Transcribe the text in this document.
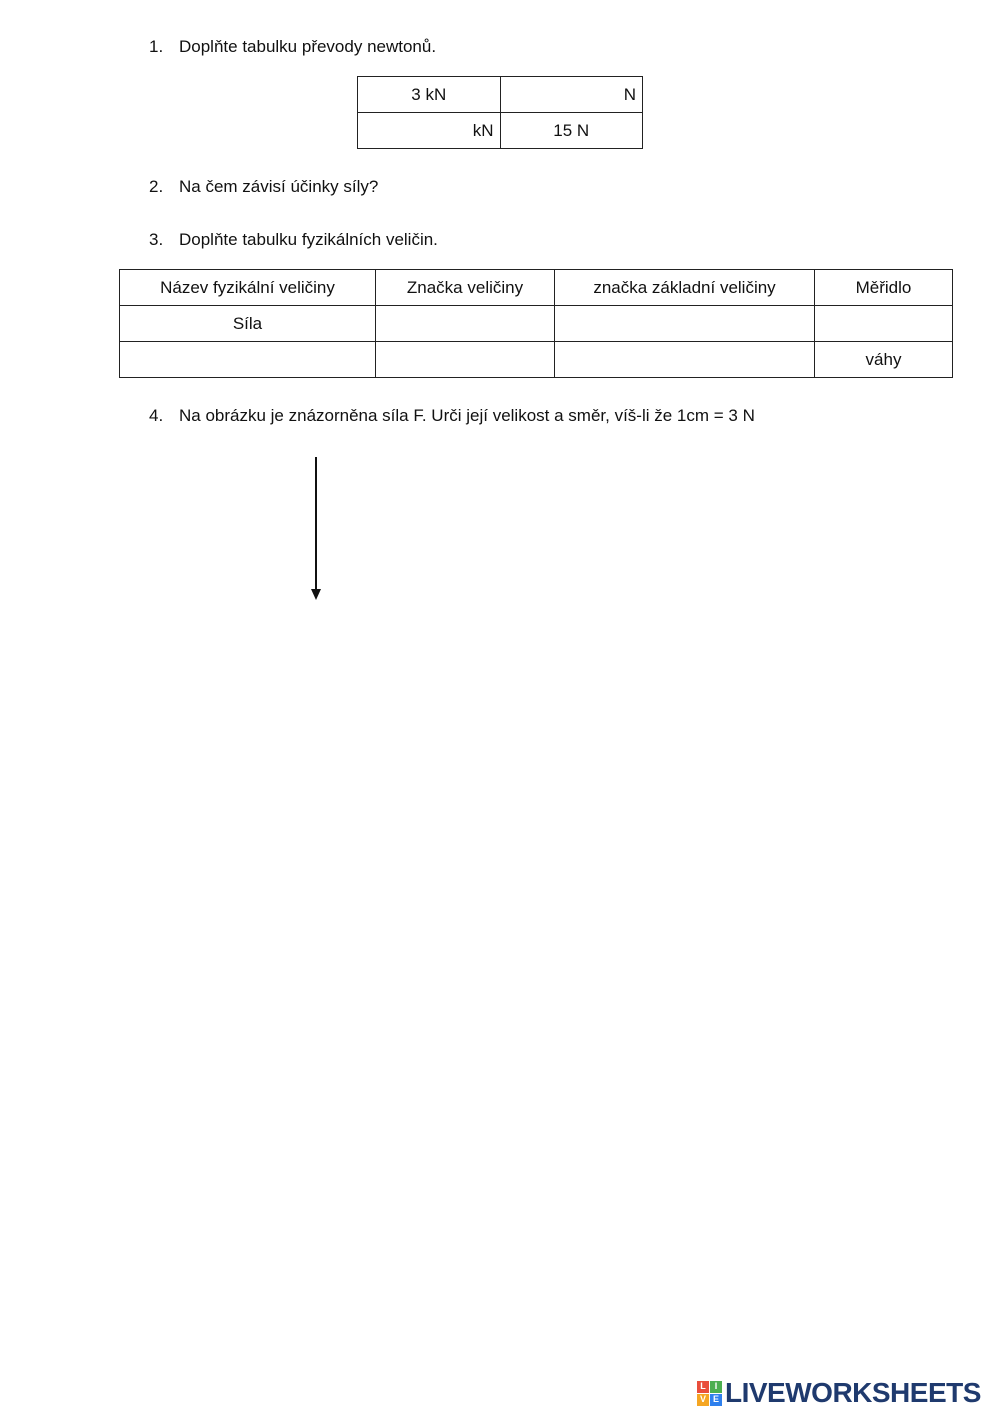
1. Doplňte tabulku převody newtonů.
3 kN	N
kN	15 N
2. Na čem závisí účinky síly?
3. Doplňte tabulku fyzikálních veličin.
Název fyzikální veličiny	Značka veličiny	značka základní veličiny	Měřidlo
Síla			
			váhy
4. Na obrázku je znázorněna síla F. Urči její velikost a směr, víš-li že 1cm = 3 N
L I
V E LIVEWORKSHEETS
